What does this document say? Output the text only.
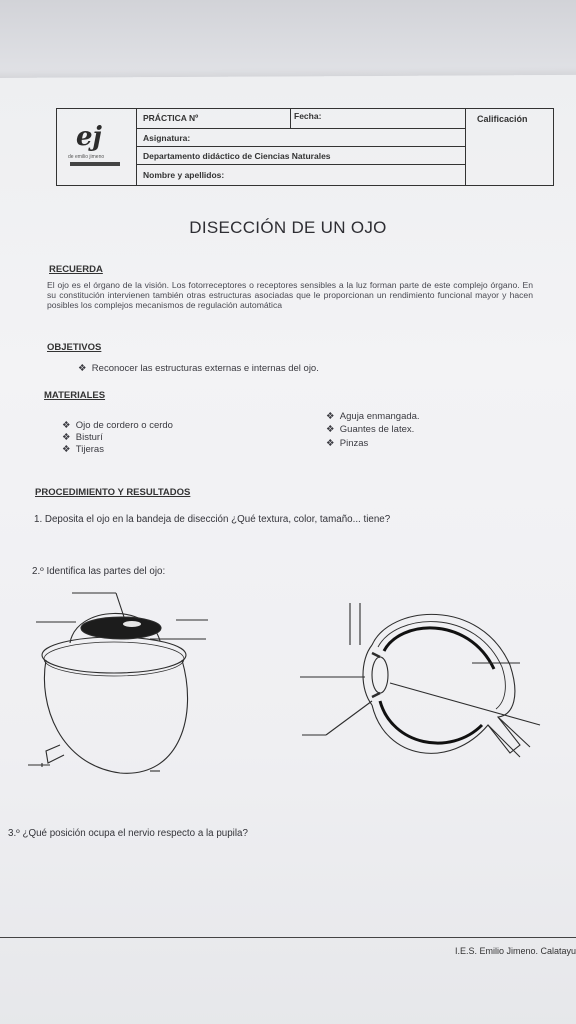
ej
de emilio jimeno
PRÁCTICA Nº	Fecha:	Calificación
Asignatura:
Departamento didáctico de Ciencias Naturales
Nombre y apellidos:
DISECCIÓN DE UN OJO
RECUERDA
El ojo es el órgano de la visión. Los fotorreceptores o receptores sensibles a la luz forman parte de este complejo órgano. En su constitución intervienen también otras estructuras asociadas que le proporcionan un rendimiento funcional mayor y hacen posibles los complejos mecanismos de regulación automática
OBJETIVOS
❖  Reconocer las estructuras externas e internas del ojo.
MATERIALES
❖  Ojo de cordero o cerdo
❖  Bisturí
❖  Tijeras
❖  Aguja enmangada.
❖  Guantes de latex.
❖  Pinzas
PROCEDIMIENTO Y RESULTADOS
1. Deposita el ojo en la bandeja de disección ¿Qué textura, color, tamaño... tiene?
2.º Identifica las partes del ojo:
3.º ¿Qué posición ocupa el nervio respecto a la pupila?
I.E.S. Emilio Jimeno. Calatayu
